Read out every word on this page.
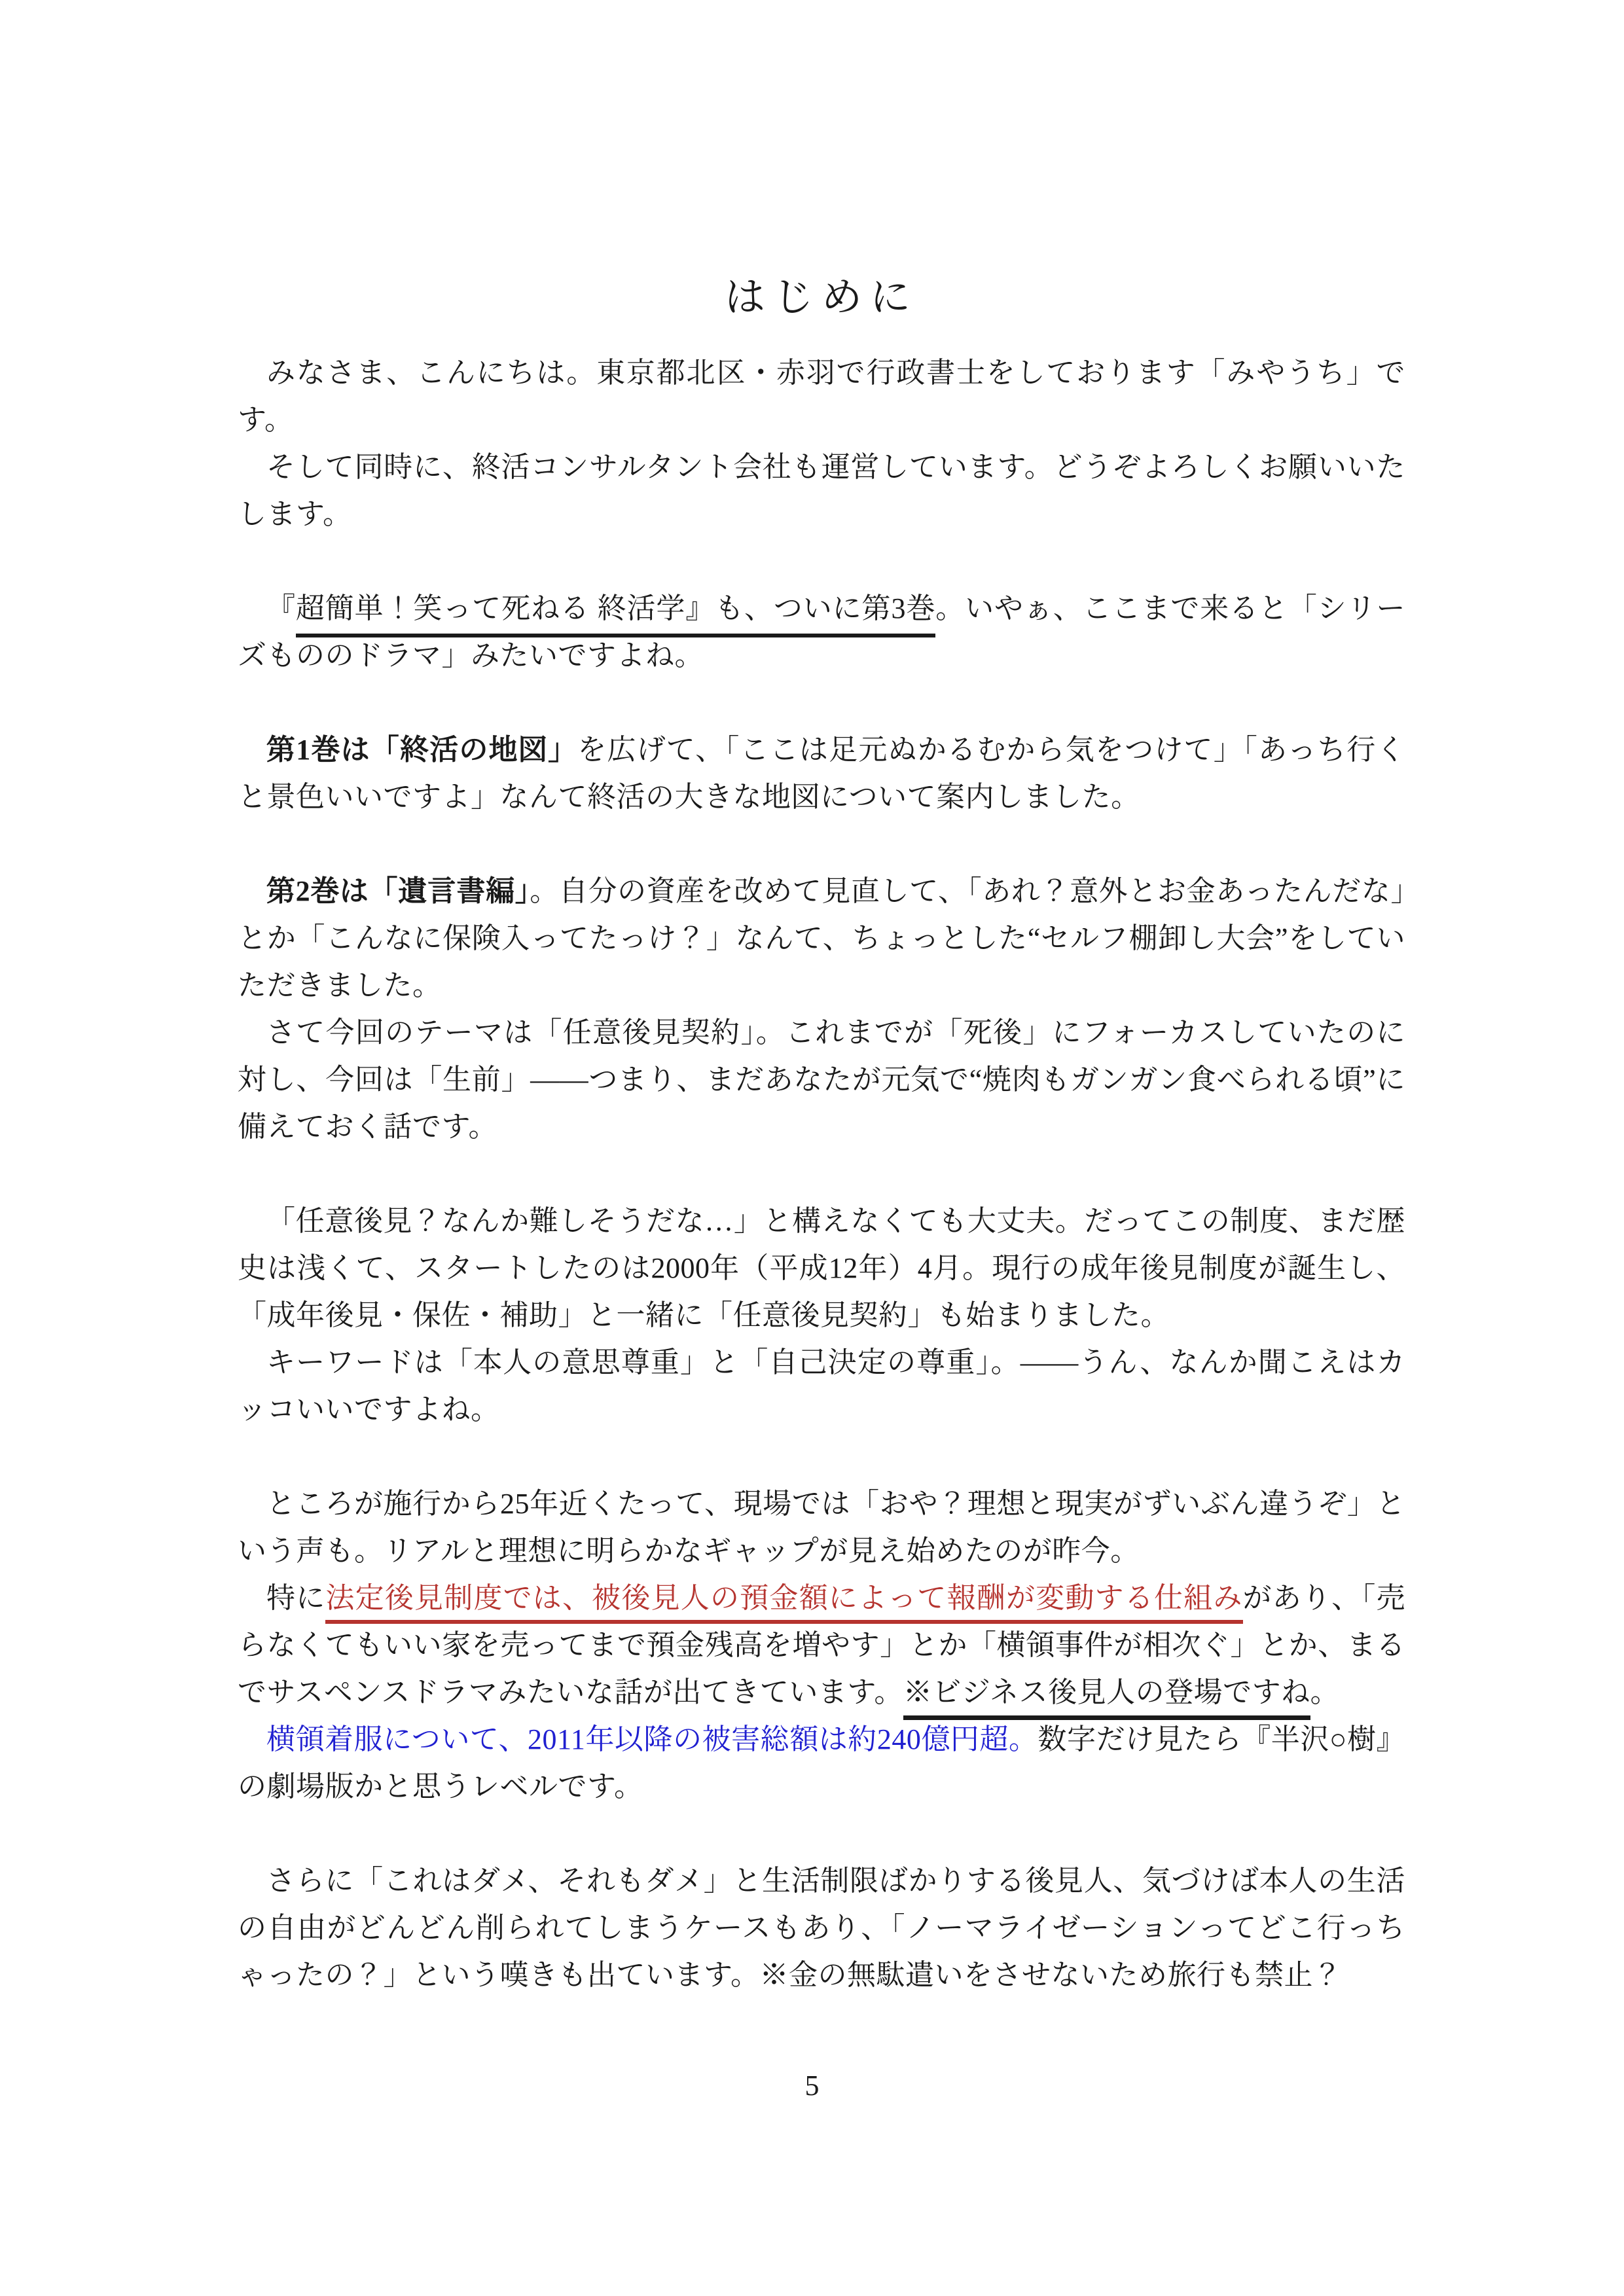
はじめに

みなさま、こんにちは。東京都北区・赤羽で行政書士をしております「みやうち」です。

そして同時に、終活コンサルタント会社も運営しています。どうぞよろしくお願いいたします。

『超簡単！笑って死ねる 終活学』も、ついに第3巻。いやぁ、ここまで来ると「シリーズもののドラマ」みたいですよね。

第1巻は「終活の地図」を広げて、「ここは足元ぬかるむから気をつけて」「あっち行くと景色いいですよ」なんて終活の大きな地図について案内しました。

第2巻は「遺言書編」。自分の資産を改めて見直して、「あれ？意外とお金あったんだな」とか「こんなに保険入ってたっけ？」なんて、ちょっとした“セルフ棚卸し大会”をしていただきました。

さて今回のテーマは「任意後見契約」。これまでが「死後」にフォーカスしていたのに対し、今回は「生前」——つまり、まだあなたが元気で“焼肉もガンガン食べられる頃”に備えておく話です。

「任意後見？なんか難しそうだな…」と構えなくても大丈夫。だってこの制度、まだ歴史は浅くて、スタートしたのは2000年（平成12年）4月。現行の成年後見制度が誕生し、「成年後見・保佐・補助」と一緒に「任意後見契約」も始まりました。

キーワードは「本人の意思尊重」と「自己決定の尊重」。——うん、なんか聞こえはカッコいいですよね。

ところが施行から25年近くたって、現場では「おや？理想と現実がずいぶん違うぞ」という声も。リアルと理想に明らかなギャップが見え始めたのが昨今。

特に法定後見制度では、被後見人の預金額によって報酬が変動する仕組みがあり、「売らなくてもいい家を売ってまで預金残高を増やす」とか「横領事件が相次ぐ」とか、まるでサスペンスドラマみたいな話が出てきています。※ビジネス後見人の登場ですね。

横領着服について、2011年以降の被害総額は約240億円超。数字だけ見たら『半沢○樹』の劇場版かと思うレベルです。

さらに「これはダメ、それもダメ」と生活制限ばかりする後見人、気づけば本人の生活の自由がどんどん削られてしまうケースもあり、「ノーマライゼーションってどこ行っちゃったの？」という嘆きも出ています。※金の無駄遣いをさせないため旅行も禁止？

5
